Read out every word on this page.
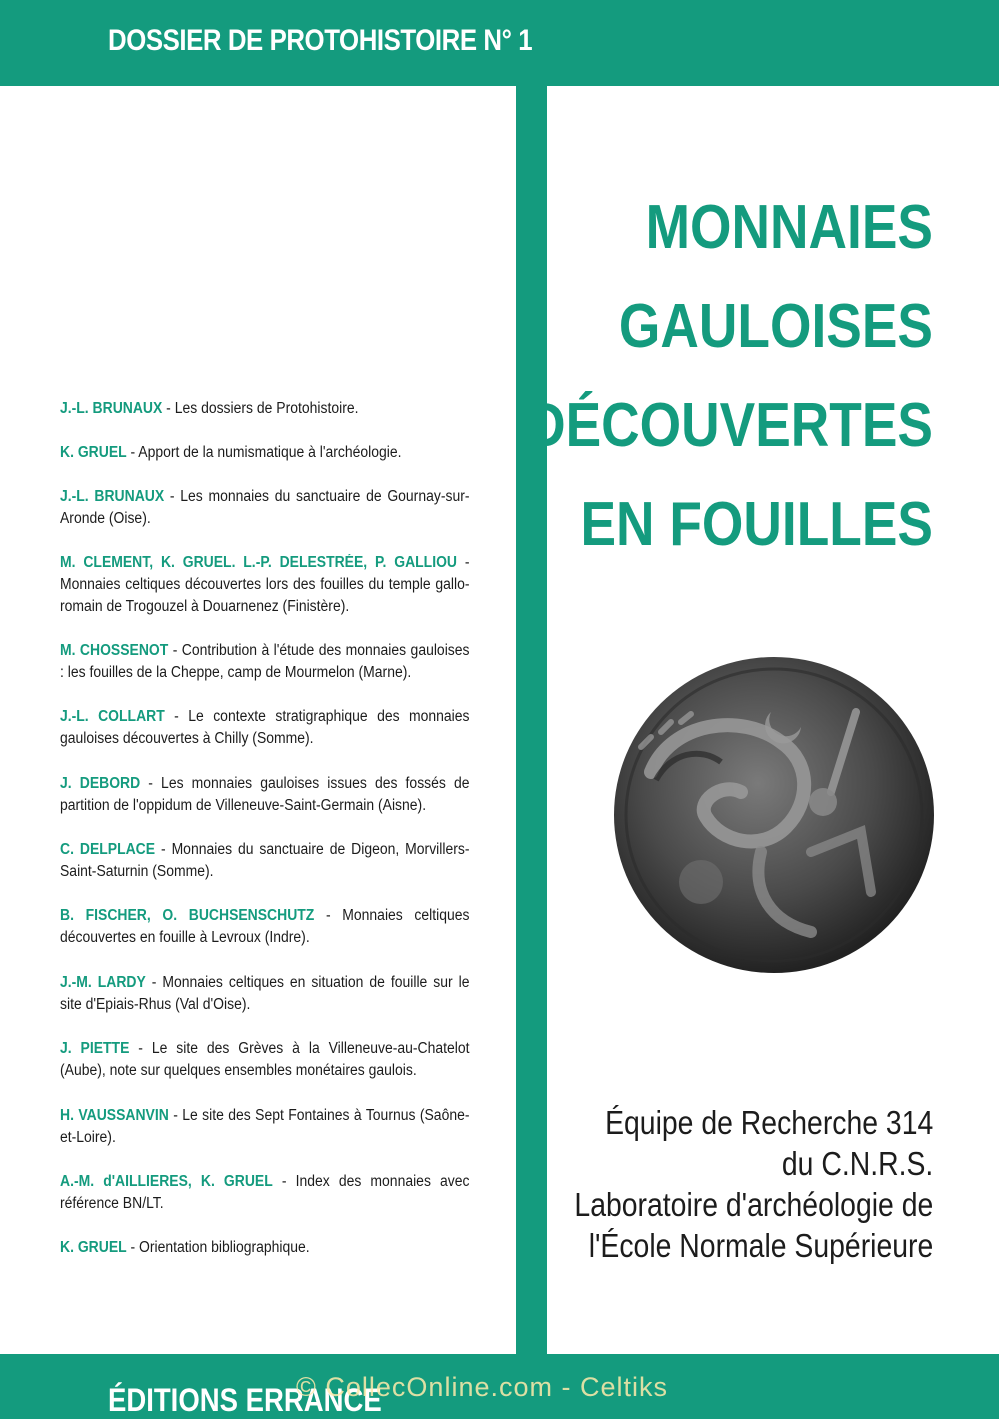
DOSSIER DE PROTOHISTOIRE N° 1

J.-L. BRUNAUX - Les dossiers de Protohistoire.

K. GRUEL - Apport de la numismatique à l'archéologie.

J.-L. BRUNAUX - Les monnaies du sanctuaire de Gournay-sur-Aronde (Oise).

M. CLEMENT, K. GRUEL. L.-P. DELESTRÉE, P. GALLIOU - Monnaies celtiques découvertes lors des fouilles du temple gallo-romain de Trogouzel à Douarnenez (Finistère).

M. CHOSSENOT - Contribution à l'étude des monnaies gauloises : les fouilles de la Cheppe, camp de Mourmelon (Marne).

J.-L. COLLART - Le contexte stratigraphique des monnaies gauloises découvertes à Chilly (Somme).

J. DEBORD - Les monnaies gauloises issues des fossés de partition de l'oppidum de Villeneuve-Saint-Germain (Aisne).

C. DELPLACE - Monnaies du sanctuaire de Digeon, Morvillers-Saint-Saturnin (Somme).

B. FISCHER, O. BUCHSENSCHUTZ - Monnaies celtiques découvertes en fouille à Levroux (Indre).

J.-M. LARDY - Monnaies celtiques en situation de fouille sur le site d'Epiais-Rhus (Val d'Oise).

J. PIETTE - Le site des Grèves à la Villeneuve-au-Chatelot (Aube), note sur quelques ensembles monétaires gaulois.

H. VAUSSANVIN - Le site des Sept Fontaines à Tournus (Saône-et-Loire).

A.-M. d'AILLIERES, K. GRUEL - Index des monnaies avec référence BN/LT.

K. GRUEL - Orientation bibliographique.

MONNAIES
GAULOISES
DÉCOUVERTES
EN FOUILLES
Équipe de Recherche 314
du C.N.R.S.
Laboratoire d'archéologie de
l'École Normale Supérieure
ÉDITIONS ERRANCE
© CollecOnline.com - Celtiks
